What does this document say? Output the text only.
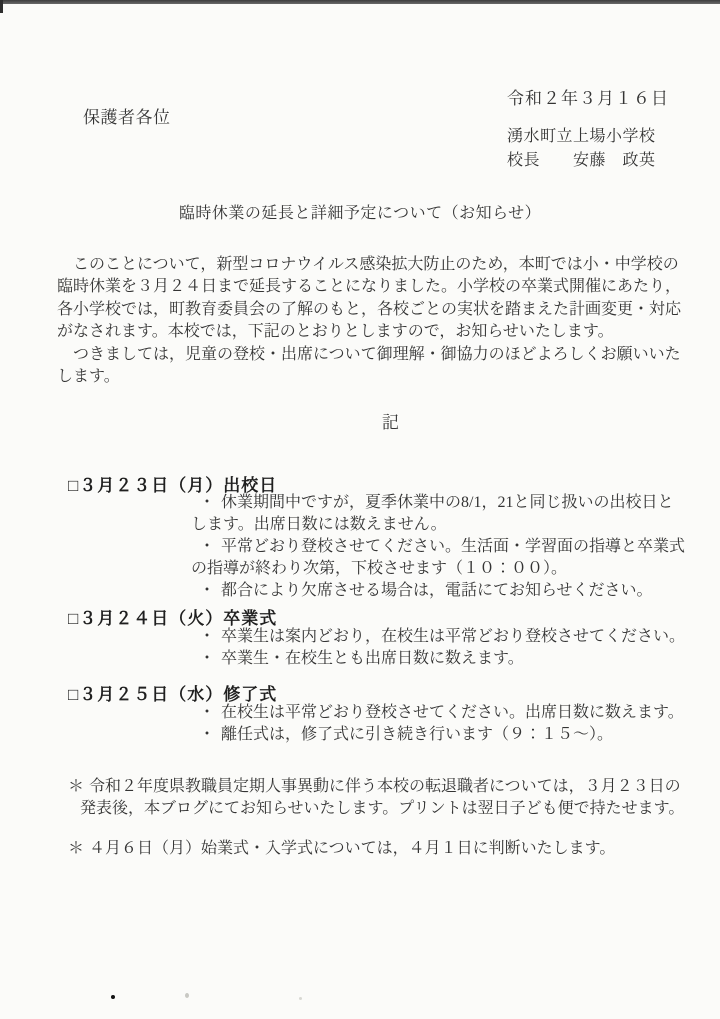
令和２年３月１６日
保護者各位
湧水町立上場小学校
校長　　安藤　政英
臨時休業の延長と詳細予定について（お知らせ）
　このことについて，新型コロナウイルス感染拡大防止のため，本町では小・中学校の
臨時休業を３月２４日まで延長することになりました。小学校の卒業式開催にあたり，
各小学校では，町教育委員会の了解のもと，各校ごとの実状を踏まえた計画変更・対応
がなされます。本校では，下記のとおりとしますので，お知らせいたします。
　つきましては，児童の登校・出席について御理解・御協力のほどよろしくお願いいた
します。
記
□３月２３日（月）出校日
・ 休業期間中ですが，夏季休業中の8/1，21と同じ扱いの出校日と
します。出席日数には数えません。
・ 平常どおり登校させてください。生活面・学習面の指導と卒業式
の指導が終わり次第，下校させます（１０：００）。
・ 都合により欠席させる場合は，電話にてお知らせください。
□３月２４日（火）卒業式
・ 卒業生は案内どおり，在校生は平常どおり登校させてください。
・ 卒業生・在校生とも出席日数に数えます。
□３月２５日（水）修了式
・ 在校生は平常どおり登校させてください。出席日数に数えます。
・ 離任式は，修了式に引き続き行います（９：１５～）。
＊ 令和２年度県教職員定期人事異動に伴う本校の転退職者については，３月２３日の
発表後，本ブログにてお知らせいたします。プリントは翌日子ども便で持たせます。
＊ ４月６日（月）始業式・入学式については，４月１日に判断いたします。
